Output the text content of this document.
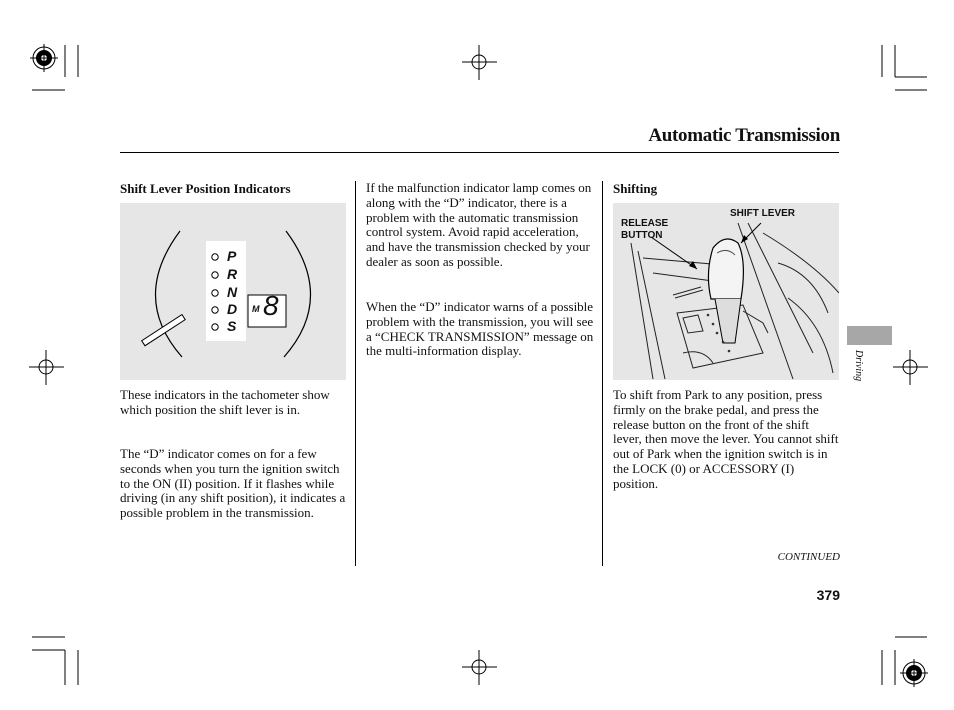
Automatic Transmission
Shift Lever Position Indicators
P
R
N
D
S
M 8
These indicators in the tachometer show which position the shift lever is in.
The “D” indicator comes on for a few seconds when you turn the ignition switch to the ON (II) position. If it flashes while driving (in any shift position), it indicates a possible problem in the transmission.
If the malfunction indicator lamp comes on along with the “D” indicator, there is a problem with the automatic transmission control system. Avoid rapid acceleration, and have the transmission checked by your dealer as soon as possible.
When the “D” indicator warns of a possible problem with the transmission, you will see a “CHECK TRANSMISSION” message on the multi-information display.
Shifting
RELEASE
BUTTON
SHIFT LEVER
To shift from Park to any position, press firmly on the brake pedal, and press the release button on the front of the shift lever, then move the lever. You cannot shift out of Park when the ignition switch is in the LOCK (0) or ACCESSORY (I) position.
Driving
CONTINUED
379
